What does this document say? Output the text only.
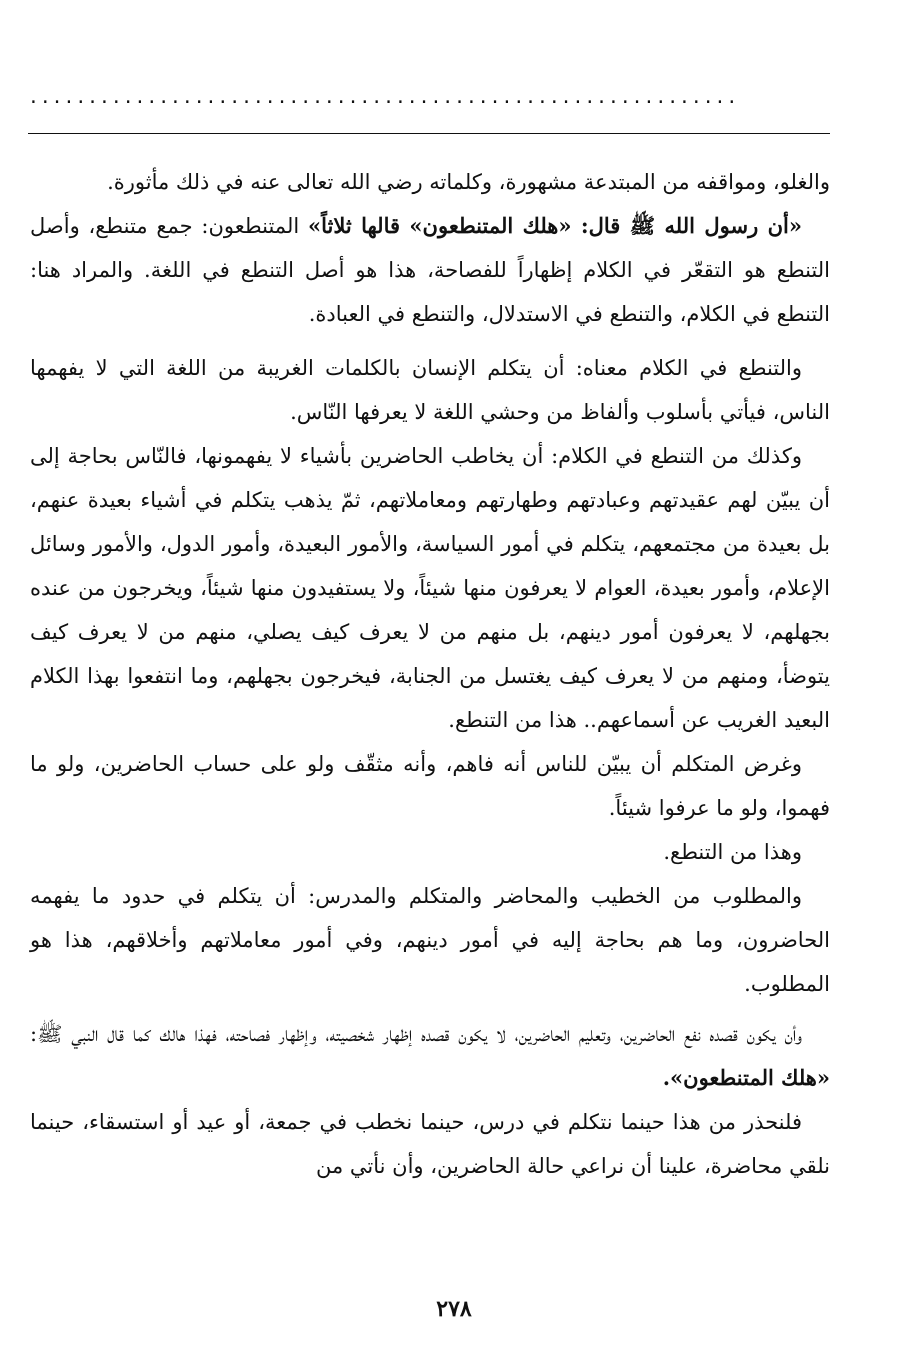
............................................................

والغلو، ومواقفه من المبتدعة مشهورة، وكلماته رضي الله تعالى عنه في ذلك مأثورة.

«أن رسول الله ﷺ قال: «هلك المتنطعون» قالها ثلاثاً» المتنطعون: جمع متنطع، وأصل التنطع هو التقعّر في الكلام إظهاراً للفصاحة، هذا هو أصل التنطع في اللغة. والمراد هنا: التنطع في الكلام، والتنطع في الاستدلال، والتنطع في العبادة.

والتنطع في الكلام معناه: أن يتكلم الإنسان بالكلمات الغريبة من اللغة التي لا يفهمها الناس، فيأتي بأسلوب وألفاظ من وحشي اللغة لا يعرفها النّاس.

وكذلك من التنطع في الكلام: أن يخاطب الحاضرين بأشياء لا يفهمونها، فالنّاس بحاجة إلى أن يبيّن لهم عقيدتهم وعبادتهم وطهارتهم ومعاملاتهم، ثمّ يذهب يتكلم في أشياء بعيدة عنهم، بل بعيدة من مجتمعهم، يتكلم في أمور السياسة، والأمور البعيدة، وأمور الدول، والأمور وسائل الإعلام، وأمور بعيدة، العوام لا يعرفون منها شيئاً، ولا يستفيدون منها شيئاً، ويخرجون من عنده بجهلهم، لا يعرفون أمور دينهم، بل منهم من لا يعرف كيف يصلي، منهم من لا يعرف كيف يتوضأ، ومنهم من لا يعرف كيف يغتسل من الجنابة، فيخرجون بجهلهم، وما انتفعوا بهذا الكلام البعيد الغريب عن أسماعهم.. هذا من التنطع.

وغرض المتكلم أن يبيّن للناس أنه فاهم، وأنه مثقّف ولو على حساب الحاضرين، ولو ما فهموا، ولو ما عرفوا شيئاً.

وهذا من التنطع.

والمطلوب من الخطيب والمحاضر والمتكلم والمدرس: أن يتكلم في حدود ما يفهمه الحاضرون، وما هم بحاجة إليه في أمور دينهم، وفي أمور معاملاتهم وأخلاقهم، هذا هو المطلوب.

وأن يكون قصده نفع الحاضرين، وتعليم الحاضرين، لا يكون قصده إظهار شخصيته، وإظهار فصاحته، فهذا هالك كما قال النبي ﷺ: «هلك المتنطعون».

فلنحذر من هذا حينما نتكلم في درس، حينما نخطب في جمعة، أو عيد أو استسقاء، حينما نلقي محاضرة، علينا أن نراعي حالة الحاضرين، وأن نأتي من

٢٧٨
